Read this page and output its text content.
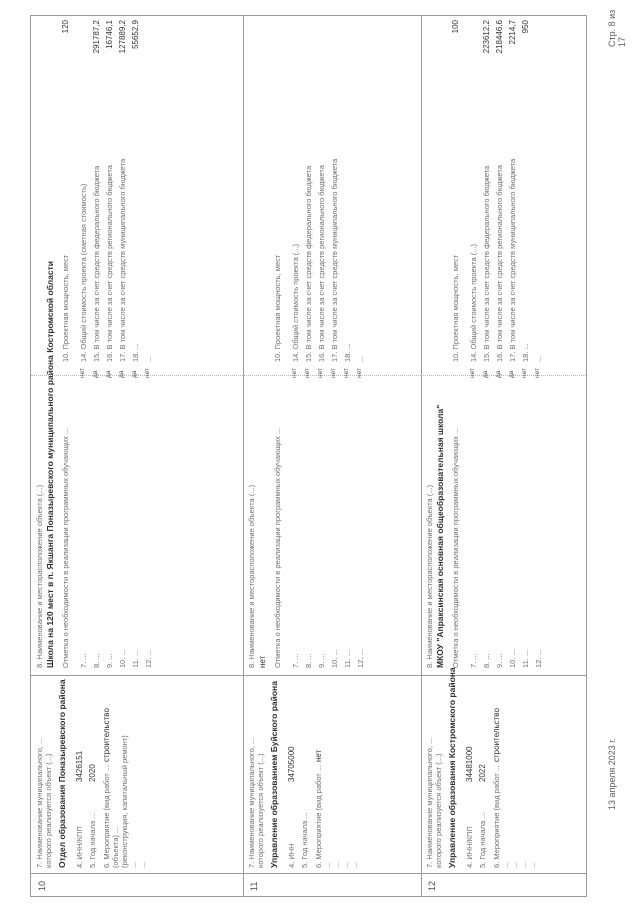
13 апреля 2023 г.
Стр. 8 из 17
10
7. Наименование муниципального, ... которого реализуется объект (...) Отдел образования Поназыревского района 4. ИНН/КПП
3426151
5. Год начала ...
2020 6. Мероприятие (вид работ ...
строительство
(объекта) ... (реконструкция, капитальный ремонт) ... ...
8. Наименование и месторасположение объекта (...) Школа на 120 мест в п. Якшанга Поназыревского муниципального района Костромской области Отметка о необходимости в реализации программных обучающих ... 7. ... 8. ... 9. ... 10. ... 11. ... 12. ...
10. Проектная мощность, мест
120
нет
14. Общий стоимость проекта (сметная стоимость)
да
15. В том числе за счет средств федерального бюджета
291787,2
да
16. В том числе за счет средств регионального бюджета
16746,1
да
17. В том числе за счет средств муниципального бюджета
127889,2
да
18. ...
55652,9
нет
...
11
7. Наименование муниципального, ... которого реализуется объект (...) Управление образованием Буйского района 4. ИНН
34705000
5. Год начала ... 6. Мероприятие (вид работ ...
нет
... ... ... ...
8. Наименование и месторасположение объекта (...) нет Отметка о необходимости в реализации программных обучающих ... 7. ... 8. ... 9. ... 10. ... 11. ... 12. ...
10. Проектная мощность, мест
нет
14. Общий стоимость проекта (...)
нет
15. В том числе за счет средств федерального бюджета
нет
16. В том числе за счет средств регионального бюджета
нет
17. В том числе за счет средств муниципального бюджета
нет
18. ...
нет
...
12
7. Наименование муниципального, ... которого реализуется объект (...) Управление образования Костромского района 4. ИНН/КПП
34481000
5. Год начала ...
2022 6. Мероприятие (вид работ ...
строительство
... ... ... ...
8. Наименование и месторасположение объекта (...) МКОУ "Апраксинская основная общеобразовательная школа" Отметка о необходимости в реализации программных обучающих ... 7. ... 8. ... 9. ... 10. ... 11. ... 12. ...
10. Проектная мощность, мест
100
нет
14. Общий стоимость проекта (...)
да
15. В том числе за счет средств федерального бюджета
223612,2
да
16. В том числе за счет средств регионального бюджета
218446,6
да
17. В том числе за счет средств муниципального бюджета
2214,7
нет
18. ...
950
нет
...
